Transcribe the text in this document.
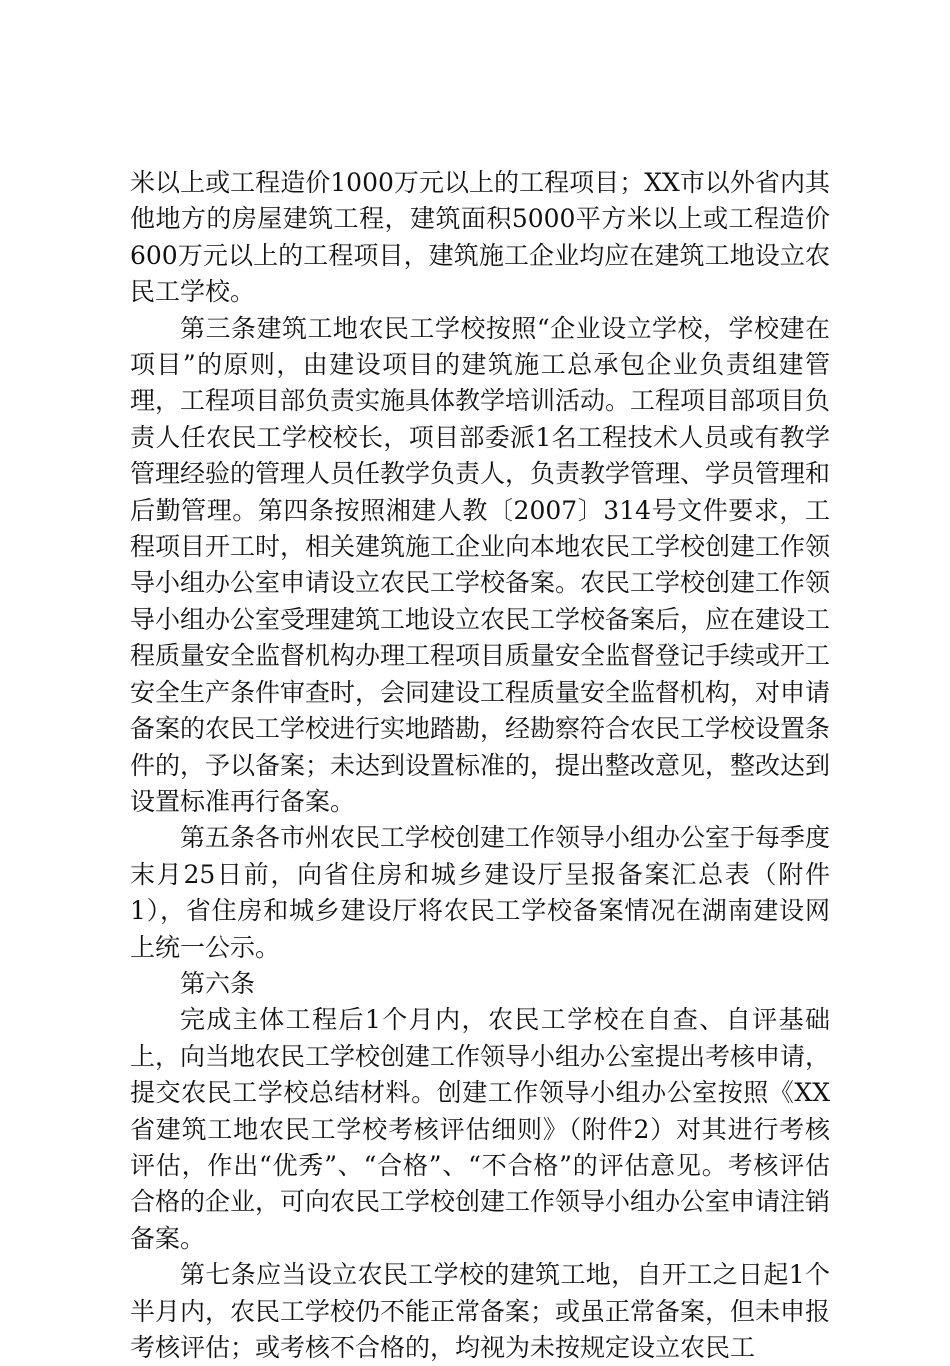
米以上或工程造价1000万元以上的工程项目；XX市以外省内其他地方的房屋建筑工程，建筑面积5000平方米以上或工程造价600万元以上的工程项目，建筑施工企业均应在建筑工地设立农民工学校。

第三条建筑工地农民工学校按照“企业设立学校，学校建在项目”的原则，由建设项目的建筑施工总承包企业负责组建管理，工程项目部负责实施具体教学培训活动。工程项目部项目负责人任农民工学校校长，项目部委派1名工程技术人员或有教学管理经验的管理人员任教学负责人，负责教学管理、学员管理和后勤管理。第四条按照湘建人教〔2007〕314号文件要求，工程项目开工时，相关建筑施工企业向本地农民工学校创建工作领导小组办公室申请设立农民工学校备案。农民工学校创建工作领导小组办公室受理建筑工地设立农民工学校备案后，应在建设工程质量安全监督机构办理工程项目质量安全监督登记手续或开工安全生产条件审查时，会同建设工程质量安全监督机构，对申请备案的农民工学校进行实地踏勘，经勘察符合农民工学校设置条件的，予以备案；未达到设置标准的，提出整改意见，整改达到设置标准再行备案。

第五条各市州农民工学校创建工作领导小组办公室于每季度末月25日前，向省住房和城乡建设厅呈报备案汇总表（附件1），省住房和城乡建设厅将农民工学校备案情况在湖南建设网上统一公示。

第六条

完成主体工程后1个月内，农民工学校在自查、自评基础上，向当地农民工学校创建工作领导小组办公室提出考核申请，提交农民工学校总结材料。创建工作领导小组办公室按照《XX省建筑工地农民工学校考核评估细则》（附件2）对其进行考核评估，作出“优秀”、“合格”、“不合格”的评估意见。考核评估合格的企业，可向农民工学校创建工作领导小组办公室申请注销备案。

第七条应当设立农民工学校的建筑工地，自开工之日起1个半月内，农民工学校仍不能正常备案；或虽正常备案，但未申报考核评估；或考核不合格的，均视为未按规定设立农民工
